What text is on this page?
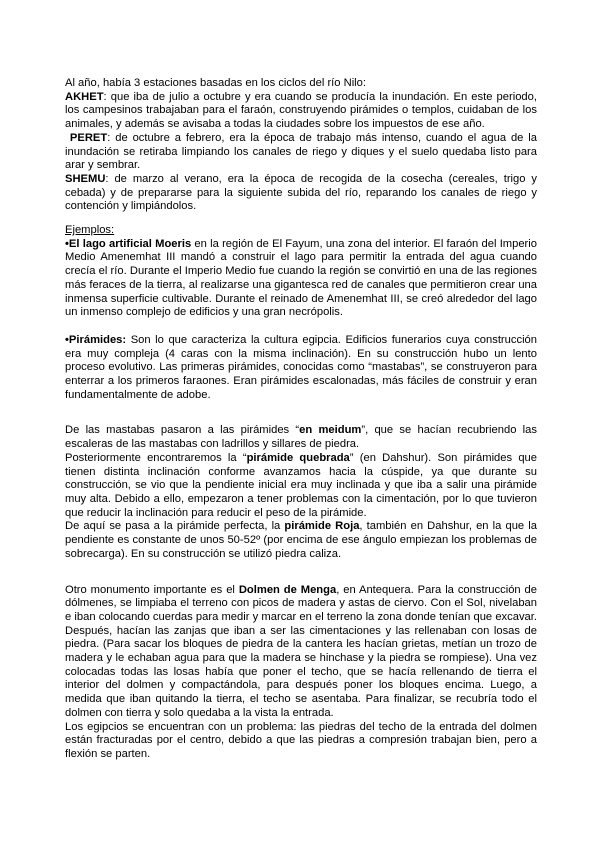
Al año, había 3 estaciones basadas en los ciclos del río Nilo:

AKHET: que iba de julio a octubre y era cuando se producía la inundación. En este periodo, los campesinos trabajaban para el faraón, construyendo pirámides o templos, cuidaban de los animales, y además se avisaba a todas la ciudades sobre los impuestos de ese año.

PERET: de octubre a febrero, era la época de trabajo más intenso, cuando el agua de la inundación se retiraba limpiando los canales de riego y diques y el suelo quedaba listo para arar y sembrar.

SHEMU: de marzo al verano, era la época de recogida de la cosecha (cereales, trigo y cebada) y de prepararse para la siguiente subida del río, reparando los canales de riego y contención y limpiándolos.

Ejemplos:

•El lago artificial Moeris en la región de El Fayum, una zona del interior. El faraón del Imperio Medio Amenemhat III mandó a construir el lago para permitir la entrada del agua cuando crecía el río. Durante el Imperio Medio fue cuando la región se convirtió en una de las regiones más feraces de la tierra, al realizarse una gigantesca red de canales que permitieron crear una inmensa superficie cultivable. Durante el reinado de Amenemhat III, se creó alrededor del lago un inmenso complejo de edificios y una gran necrópolis.

•Pirámides: Son lo que caracteriza la cultura egipcia. Edificios funerarios cuya construcción era muy compleja (4 caras con la misma inclinación). En su construcción hubo un lento proceso evolutivo. Las primeras pirámides, conocidas como “mastabas”, se construyeron para enterrar a los primeros faraones. Eran pirámides escalonadas, más fáciles de construir y eran fundamentalmente de adobe.

De las mastabas pasaron a las pirámides “en meidum”, que se hacían recubriendo las escaleras de las mastabas con ladrillos y sillares de piedra.

Posteriormente encontraremos la “pirámide quebrada” (en Dahshur). Son pirámides que tienen distinta inclinación conforme avanzamos hacia la cúspide, ya que durante su construcción, se vio que la pendiente inicial era muy inclinada y que iba a salir una pirámide muy alta. Debido a ello, empezaron a tener problemas con la cimentación, por lo que tuvieron que reducir la inclinación para reducir el peso de la pirámide.

De aquí se pasa a la pirámide perfecta, la pirámide Roja, también en Dahshur, en la que la pendiente es constante de unos 50-52º (por encima de ese ángulo empiezan los problemas de sobrecarga). En su construcción se utilizó piedra caliza.

Otro monumento importante es el Dolmen de Menga, en Antequera. Para la construcción de dólmenes, se limpiaba el terreno con picos de madera y astas de ciervo. Con el Sol, nivelaban e iban colocando cuerdas para medir y marcar en el terreno la zona donde tenían que excavar. Después, hacían las zanjas que iban a ser las cimentaciones y las rellenaban con losas de piedra. (Para sacar los bloques de piedra de la cantera les hacían grietas, metían un trozo de madera y le echaban agua para que la madera se hinchase y la piedra se rompiese). Una vez colocadas todas las losas había que poner el techo, que se hacía rellenando de tierra el interior del dolmen y compactándola, para después poner los bloques encima. Luego, a medida que iban quitando la tierra, el techo se asentaba. Para finalizar, se recubría todo el dolmen con tierra y solo quedaba a la vista la entrada.

Los egipcios se encuentran con un problema: las piedras del techo de la entrada del dolmen están fracturadas por el centro, debido a que las piedras a compresión trabajan bien, pero a flexión se parten.
